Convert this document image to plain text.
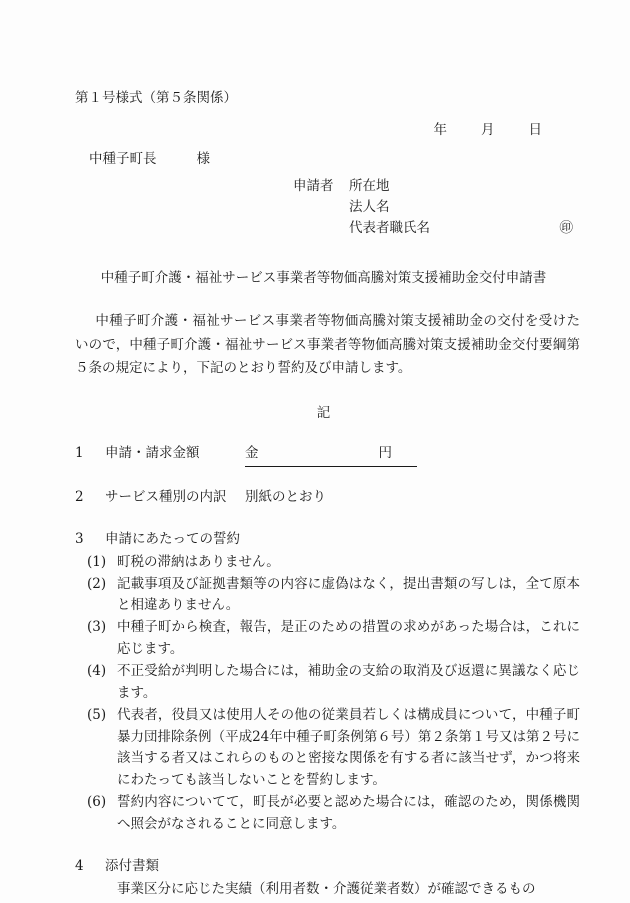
第１号様式（第５条関係）
年	月	日
中種子町長	様
申請者	所在地
法人名
代表者職氏名	㊞
中種子町介護・福祉サービス事業者等物価高騰対策支援補助金交付申請書
中種子町介護・福祉サービス事業者等物価高騰対策支援補助金の交付を受けたいので，中種子町介護・福祉サービス事業者等物価高騰対策支援補助金交付要綱第５条の規定により，下記のとおり誓約及び申請します。
記
1	申請・請求金額	金	円
2	サービス種別の内訳	別紙のとおり
3	申請にあたっての誓約
(1) 町税の滞納はありません。
(2) 記載事項及び証拠書類等の内容に虚偽はなく，提出書類の写しは，全て原本と相違ありません。
(3) 中種子町から検査，報告，是正のための措置の求めがあった場合は，これに応じます。
(4) 不正受給が判明した場合には，補助金の支給の取消及び返還に異議なく応じます。
(5) 代表者，役員又は使用人その他の従業員若しくは構成員について，中種子町暴力団排除条例（平成24年中種子町条例第６号）第２条第１号又は第２号に該当する者又はこれらのものと密接な関係を有する者に該当せず，かつ将来にわたっても該当しないことを誓約します。
(6) 誓約内容についてて，町長が必要と認めた場合には，確認のため，関係機関へ照会がなされることに同意します。
4	添付書類
事業区分に応じた実績（利用者数・介護従業者数）が確認できるもの
